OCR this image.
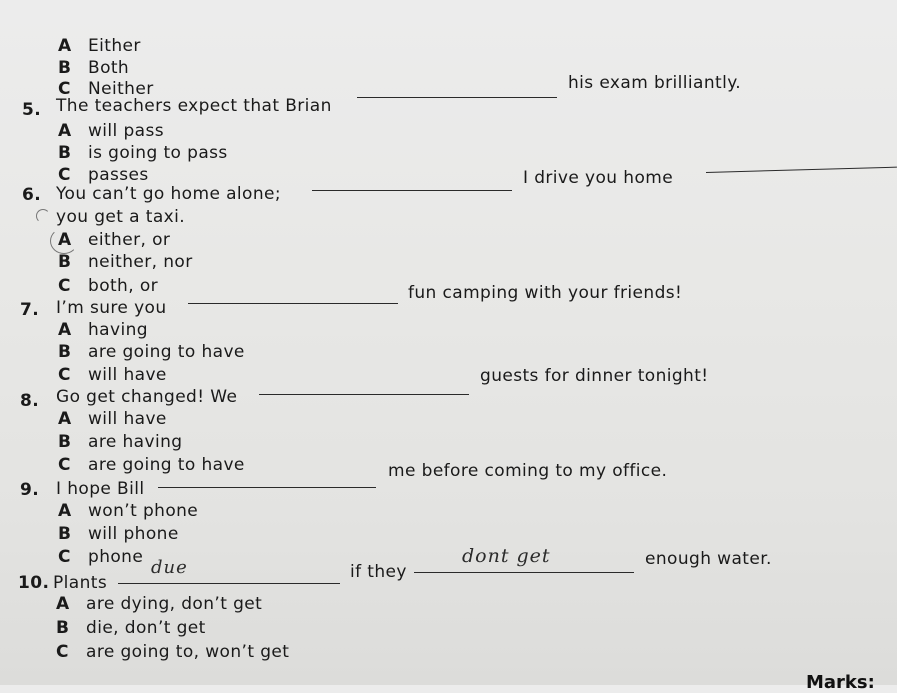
A Either
B Both
C Neither
5. The teachers expect that Brian
his exam brilliantly.
A will pass
B is going to pass
C passes
6. You can’t go home alone;
I drive you home
you get a taxi.
A either, or
B neither, nor
C both, or
7. I’m sure you
fun camping with your friends!
A having
B are going to have
C will have
8. Go get changed! We
guests for dinner tonight!
A will have
B are having
C are going to have
9. I hope Bill
me before coming to my office.
A won’t phone
B will phone
C phone
10. Plants
due	if they
dont get	enough water.
A are dying, don’t get
B die, don’t get
C are going to, won’t get
Marks:
